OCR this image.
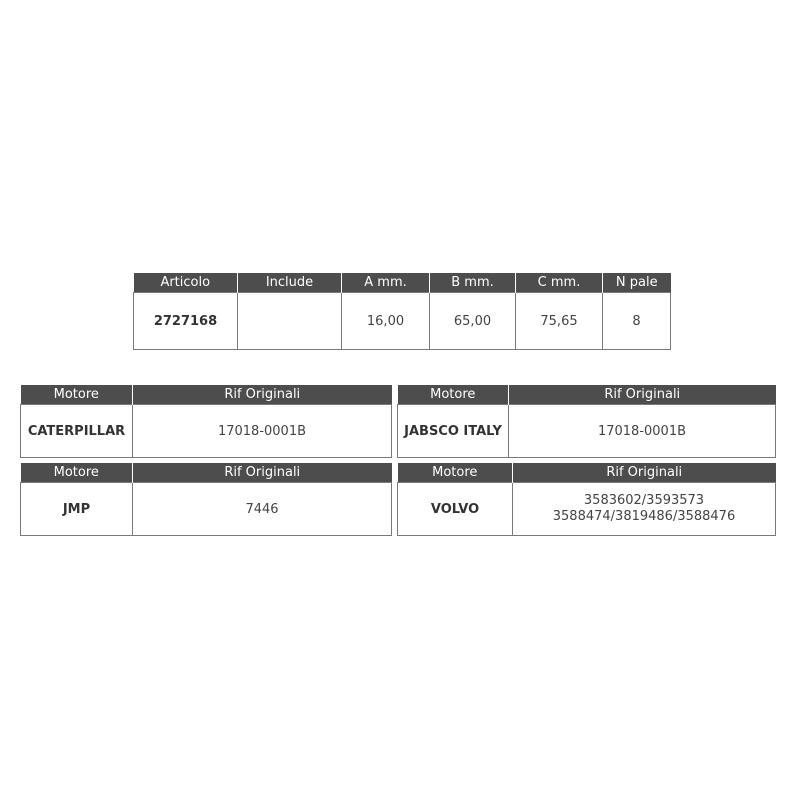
Articolo	Include	A mm.	B mm.	C mm.	N pale
2727168		16,00	65,00	75,65	8
Motore	Rif Originali
CATERPILLAR	17018-0001B
Motore	Rif Originali
JABSCO ITALY	17018-0001B
Motore	Rif Originali
JMP	7446
Motore	Rif Originali
VOLVO	3583602/3593573
3588474/3819486/3588476
